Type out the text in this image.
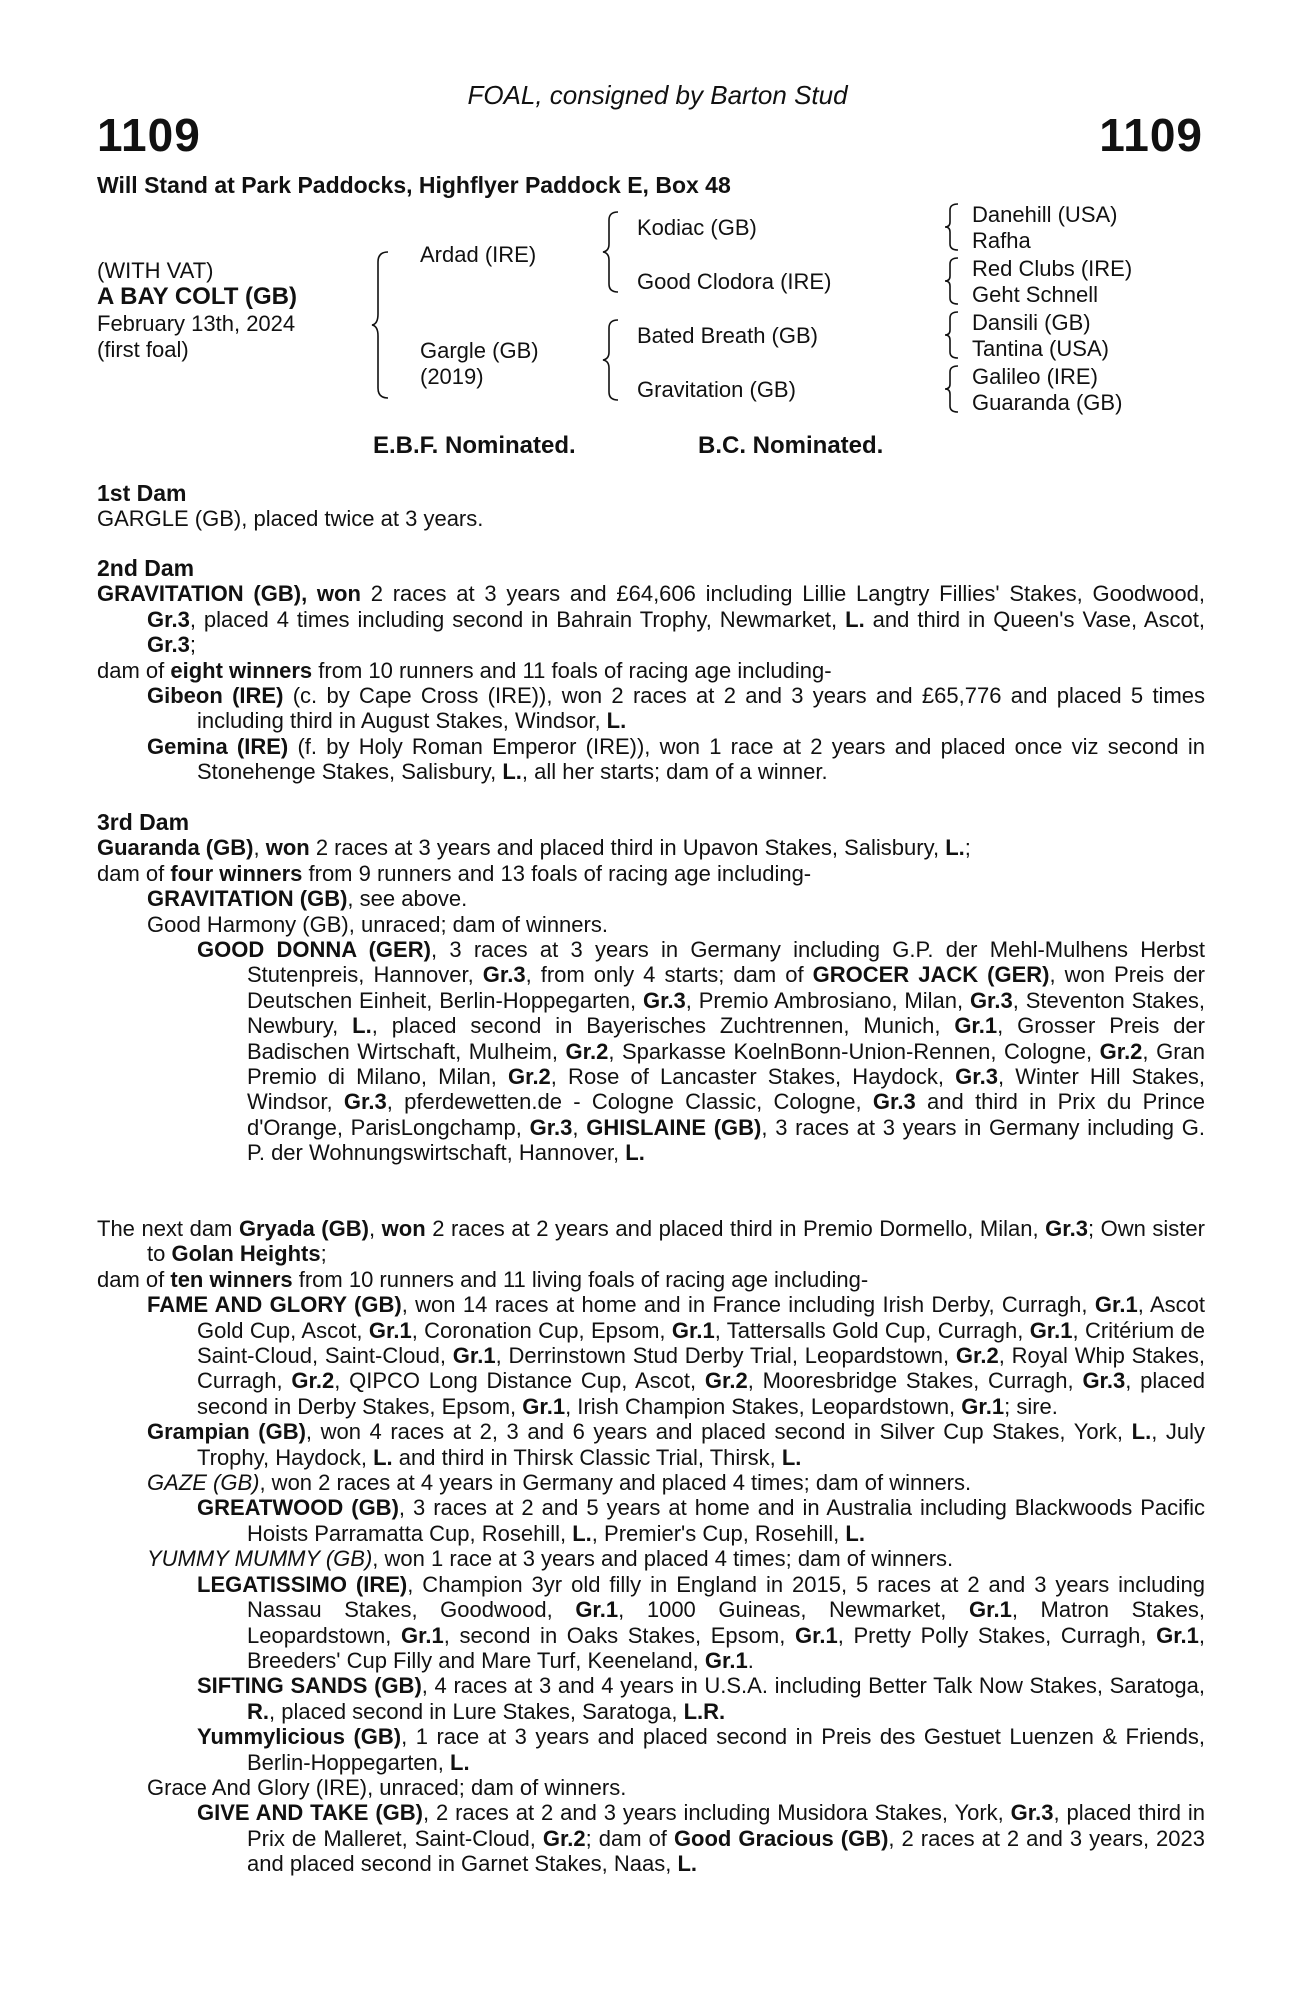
FOAL, consigned by Barton Stud
1109	1109
Will Stand at Park Paddocks, Highflyer Paddock E, Box 48
(WITH VAT)
A BAY COLT (GB)
February 13th, 2024
(first foal)
Ardad (IRE)
Gargle (GB)
(2019)
Kodiac (GB)
Good Clodora (IRE)
Bated Breath (GB)
Gravitation (GB)
Danehill (USA)
Rafha
Red Clubs (IRE)
Geht Schnell
Dansili (GB)
Tantina (USA)
Galileo (IRE)
Guaranda (GB)
E.B.F. Nominated.	B.C. Nominated.

1st Dam

GARGLE (GB), placed twice at 3 years.

2nd Dam

GRAVITATION (GB), won 2 races at 3 years and £64,606 including Lillie Langtry Fillies' Stakes, Goodwood, Gr.3, placed 4 times including second in Bahrain Trophy, Newmarket, L. and third in Queen's Vase, Ascot, Gr.3;

dam of eight winners from 10 runners and 11 foals of racing age including-

Gibeon (IRE) (c. by Cape Cross (IRE)), won 2 races at 2 and 3 years and £65,776 and placed 5 times including third in August Stakes, Windsor, L.

Gemina (IRE) (f. by Holy Roman Emperor (IRE)), won 1 race at 2 years and placed once viz second in Stonehenge Stakes, Salisbury, L., all her starts; dam of a winner.

3rd Dam

Guaranda (GB), won 2 races at 3 years and placed third in Upavon Stakes, Salisbury, L.;

dam of four winners from 9 runners and 13 foals of racing age including-

GRAVITATION (GB), see above.

Good Harmony (GB), unraced; dam of winners.

GOOD DONNA (GER), 3 races at 3 years in Germany including G.P. der Mehl-Mulhens Herbst Stutenpreis, Hannover, Gr.3, from only 4 starts; dam of GROCER JACK (GER), won Preis der Deutschen Einheit, Berlin-Hoppegarten, Gr.3, Premio Ambrosiano, Milan, Gr.3, Steventon Stakes, Newbury, L., placed second in Bayerisches Zuchtrennen, Munich, Gr.1, Grosser Preis der Badischen Wirtschaft, Mulheim, Gr.2, Sparkasse KoelnBonn-Union-Rennen, Cologne, Gr.2, Gran Premio di Milano, Milan, Gr.2, Rose of Lancaster Stakes, Haydock, Gr.3, Winter Hill Stakes, Windsor, Gr.3, pferdewetten.de - Cologne Classic, Cologne, Gr.3 and third in Prix du Prince d'Orange, ParisLongchamp, Gr.3, GHISLAINE (GB), 3 races at 3 years in Germany including G. P. der Wohnungswirtschaft, Hannover, L.

The next dam Gryada (GB), won 2 races at 2 years and placed third in Premio Dormello, Milan, Gr.3; Own sister to Golan Heights;

dam of ten winners from 10 runners and 11 living foals of racing age including-

FAME AND GLORY (GB), won 14 races at home and in France including Irish Derby, Curragh, Gr.1, Ascot Gold Cup, Ascot, Gr.1, Coronation Cup, Epsom, Gr.1, Tattersalls Gold Cup, Curragh, Gr.1, Critérium de Saint-Cloud, Saint-Cloud, Gr.1, Derrinstown Stud Derby Trial, Leopardstown, Gr.2, Royal Whip Stakes, Curragh, Gr.2, QIPCO Long Distance Cup, Ascot, Gr.2, Mooresbridge Stakes, Curragh, Gr.3, placed second in Derby Stakes, Epsom, Gr.1, Irish Champion Stakes, Leopardstown, Gr.1; sire.

Grampian (GB), won 4 races at 2, 3 and 6 years and placed second in Silver Cup Stakes, York, L., July Trophy, Haydock, L. and third in Thirsk Classic Trial, Thirsk, L.

GAZE (GB), won 2 races at 4 years in Germany and placed 4 times; dam of winners.

GREATWOOD (GB), 3 races at 2 and 5 years at home and in Australia including Blackwoods Pacific Hoists Parramatta Cup, Rosehill, L., Premier's Cup, Rosehill, L.

YUMMY MUMMY (GB), won 1 race at 3 years and placed 4 times; dam of winners.

LEGATISSIMO (IRE), Champion 3yr old filly in England in 2015, 5 races at 2 and 3 years including Nassau Stakes, Goodwood, Gr.1, 1000 Guineas, Newmarket, Gr.1, Matron Stakes, Leopardstown, Gr.1, second in Oaks Stakes, Epsom, Gr.1, Pretty Polly Stakes, Curragh, Gr.1, Breeders' Cup Filly and Mare Turf, Keeneland, Gr.1.

SIFTING SANDS (GB), 4 races at 3 and 4 years in U.S.A. including Better Talk Now Stakes, Saratoga, R., placed second in Lure Stakes, Saratoga, L.R.

Yummylicious (GB), 1 race at 3 years and placed second in Preis des Gestuet Luenzen & Friends, Berlin-Hoppegarten, L.

Grace And Glory (IRE), unraced; dam of winners.

GIVE AND TAKE (GB), 2 races at 2 and 3 years including Musidora Stakes, York, Gr.3, placed third in Prix de Malleret, Saint-Cloud, Gr.2; dam of Good Gracious (GB), 2 races at 2 and 3 years, 2023 and placed second in Garnet Stakes, Naas, L.
